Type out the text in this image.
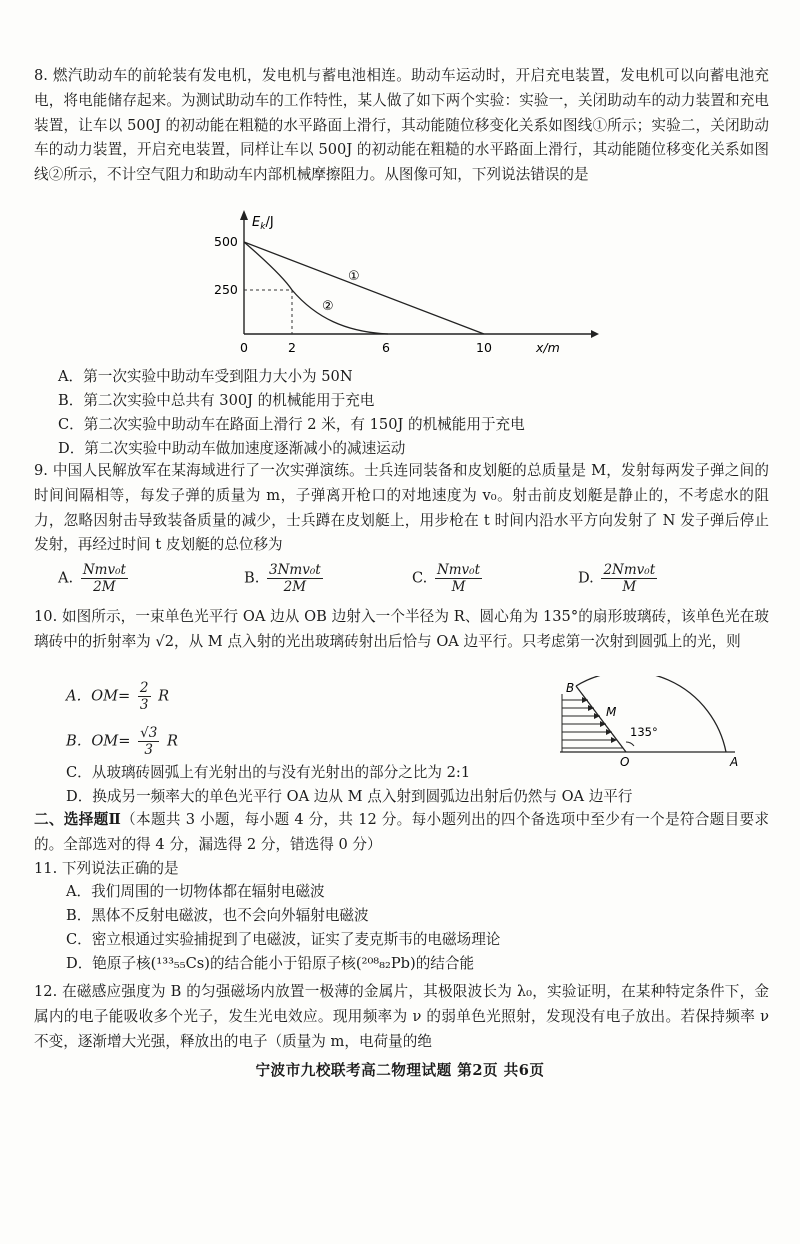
8. 燃汽助动车的前轮装有发电机，发电机与蓄电池相连。助动车运动时，开启充电装置，发电机可以向蓄电池充电，将电能储存起来。为测试助动车的工作特性，某人做了如下两个实验：实验一，关闭助动车的动力装置和充电装置，让车以 500J 的初动能在粗糙的水平路面上滑行，其动能随位移变化关系如图线①所示；实验二，关闭助动车的动力装置，开启充电装置，同样让车以 500J 的初动能在粗糙的水平路面上滑行，其动能随位移变化关系如图线②所示，不计空气阻力和助动车内部机械摩擦阻力。从图像可知，下列说法错误的是
$E_k/J$
500
250
0	2	6	10	x/m
①
②
A．第一次实验中助动车受到阻力大小为 50N
B．第二次实验中总共有 300J 的机械能用于充电
C．第二次实验中助动车在路面上滑行 2 米，有 150J 的机械能用于充电
D．第二次实验中助动车做加速度逐渐减小的减速运动
9. 中国人民解放军在某海域进行了一次实弹演练。士兵连同装备和皮划艇的总质量是 M，发射每两发子弹之间的时间间隔相等，每发子弹的质量为 m，子弹离开枪口的对地速度为 v₀。射击前皮划艇是静止的，不考虑水的阻力，忽略因射击导致装备质量的减少，士兵蹲在皮划艇上，用步枪在 t 时间内沿水平方向发射了 N 发子弹后停止发射，再经过时间 t 皮划艇的总位移为
A. $\frac{\text{Nmv₀t}}{2M}$	B. $\frac{\text{3Nmv₀t}}{2M}$	C. $\frac{\text{Nmv₀t}}{M}$	D. $\frac{\text{2Nmv₀t}}{M}$
10. 如图所示，一束单色光平行 OA 边从 OB 边射入一个半径为 R、圆心角为 135°的扇形玻璃砖，该单色光在玻璃砖中的折射率为 √2，从 M 点入射的光出玻璃砖射出后恰与 OA 边平行。只考虑第一次射到圆弧上的光，则
A．$OM= \frac{2}{3}$ R
B．$OM= \frac{√3}{3}$ R
C．从玻璃砖圆弧上有光射出的与没有光射出的部分之比为 2:1
D．换成另一频率大的单色光平行 OA 边从 M 点入射到圆弧边出射后仍然与 OA 边平行
B
M
135°
O	A
二、选择题Ⅱ（本题共 3 小题，每小题 4 分，共 12 分。每小题列出的四个备选项中至少有一个是符合题目要求的。全部选对的得 4 分，漏选得 2 分，错选得 0 分）
11. 下列说法正确的是
A．我们周围的一切物体都在辐射电磁波
B．黑体不反射电磁波，也不会向外辐射电磁波
C．密立根通过实验捕捉到了电磁波，证实了麦克斯韦的电磁场理论
D．铯原子核(¹³³₅₅Cs)的结合能小于铅原子核(²⁰⁸₈₂Pb)的结合能
12. 在磁感应强度为 B 的匀强磁场内放置一极薄的金属片，其极限波长为 λ₀，实验证明，在某种特定条件下，金属内的电子能吸收多个光子，发生光电效应。现用频率为 ν 的弱单色光照射，发现没有电子放出。若保持频率 ν 不变，逐渐增大光强，释放出的电子（质量为 m，电荷量的绝
宁波市九校联考高二物理试题 第2页 共6页
